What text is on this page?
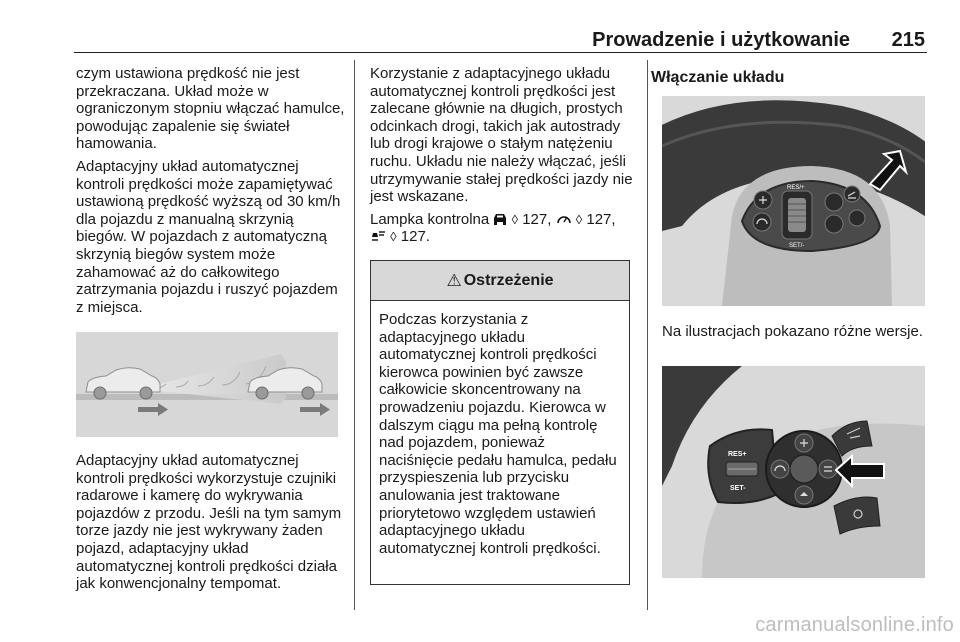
Prowadzenie i użytkowanie	215

czym ustawiona prędkość nie jest przekraczana. Układ może w ograniczonym stopniu włączać hamulce, powodując zapalenie się świateł hamowania.

Adaptacyjny układ automatycznej kontroli prędkości może zapamiętywać ustawioną prędkość wyższą od 30 km/h dla pojazdu z manualną skrzynią biegów. W pojazdach z automatyczną skrzynią biegów system może zahamować aż do całkowitego zatrzymania pojazdu i ruszyć pojazdem z miejsca.

Adaptacyjny układ automatycznej kontroli prędkości wykorzystuje czujniki radarowe i kamerę do wykrywania pojazdów z przodu. Jeśli na tym samym torze jazdy nie jest wykrywany żaden pojazd, adaptacyjny układ automatycznej kontroli prędkości działa jak konwencjonalny tempomat.

Korzystanie z adaptacyjnego układu automatycznej kontroli prędkości jest zalecane głównie na długich, prostych odcinkach drogi, takich jak autostrady lub drogi krajowe o stałym natężeniu ruchu. Układu nie należy włączać, jeśli utrzymywanie stałej prędkości jazdy nie jest wskazane.

Lampka kontrolna ◊ 127, ◊ 127,
◊ 127.

⚠ Ostrzeżenie
Podczas korzystania z adaptacyjnego układu automatycznej kontroli prędkości kierowca powinien być zawsze całkowicie skoncentrowany na prowadzeniu pojazdu. Kierowca w dalszym ciągu ma pełną kontrolę nad pojazdem, ponieważ naciśnięcie pedału hamulca, pedału przyspieszenia lub przycisku anulowania jest traktowane priorytetowo względem ustawień adaptacyjnego układu automatycznej kontroli prędkości.
Włączanie układu
RES/+
SET/-

Na ilustracjach pokazano różne wersje.

RES+
SET-
carmanualsonline.info
